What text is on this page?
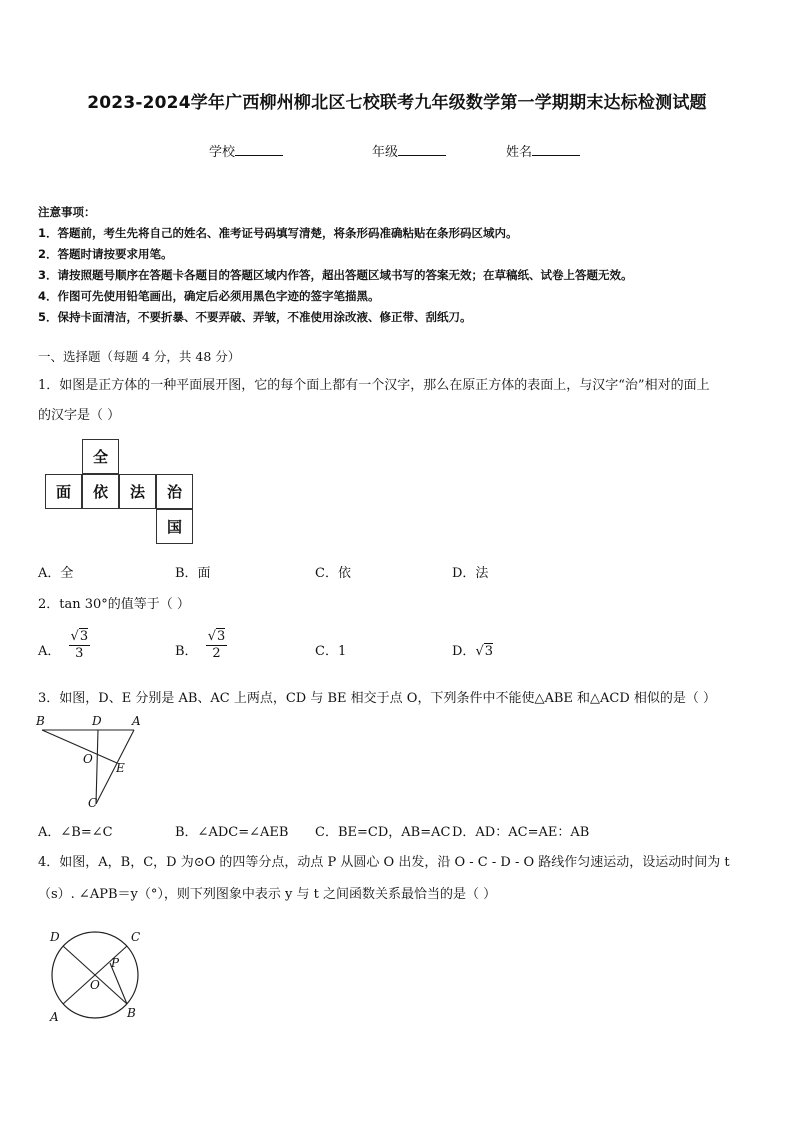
2023-2024学年广西柳州柳北区七校联考九年级数学第一学期期末达标检测试题
学校	年级	姓名
注意事项：
1．答题前，考生先将自己的姓名、准考证号码填写清楚，将条形码准确粘贴在条形码区域内。
2．答题时请按要求用笔。
3．请按照题号顺序在答题卡各题目的答题区域内作答，超出答题区域书写的答案无效；在草稿纸、试卷上答题无效。
4．作图可先使用铅笔画出，确定后必须用黑色字迹的签字笔描黑。
5．保持卡面清洁，不要折暴、不要弄破、弄皱，不准使用涂改液、修正带、刮纸刀。
一、选择题（每题 4 分，共 48 分）
1．如图是正方体的一种平面展开图，它的每个面上都有一个汉字，那么在原正方体的表面上，与汉字“治”相对的面上
的汉字是（ ）
全
面	依	法	治
国
A．全	B．面	C．依	D．法
2．tan 30°的值等于（ ）
A． $\frac{√3}{3}$	B． $\frac{√3}{2}$	C．1	D．√3
3．如图，D、E 分别是 AB、AC 上两点，CD 与 BE 相交于点 O，下列条件中不能使△ABE 和△ACD 相似的是（ ）
B	D	A
O
E
C
A．∠B=∠C	B．∠ADC=∠AEB C．BE=CD，AB=AC D．AD：AC=AE：AB
4．如图，A，B，C，D 为⊙O 的四等分点，动点 P 从圆心 O 出发，沿 O - C - D - O 路线作匀速运动，设运动时间为 t
（s）. ∠APB＝y（°），则下列图象中表示 y 与 t 之间函数关系最恰当的是（ ）
D	C
P
O
A	B
